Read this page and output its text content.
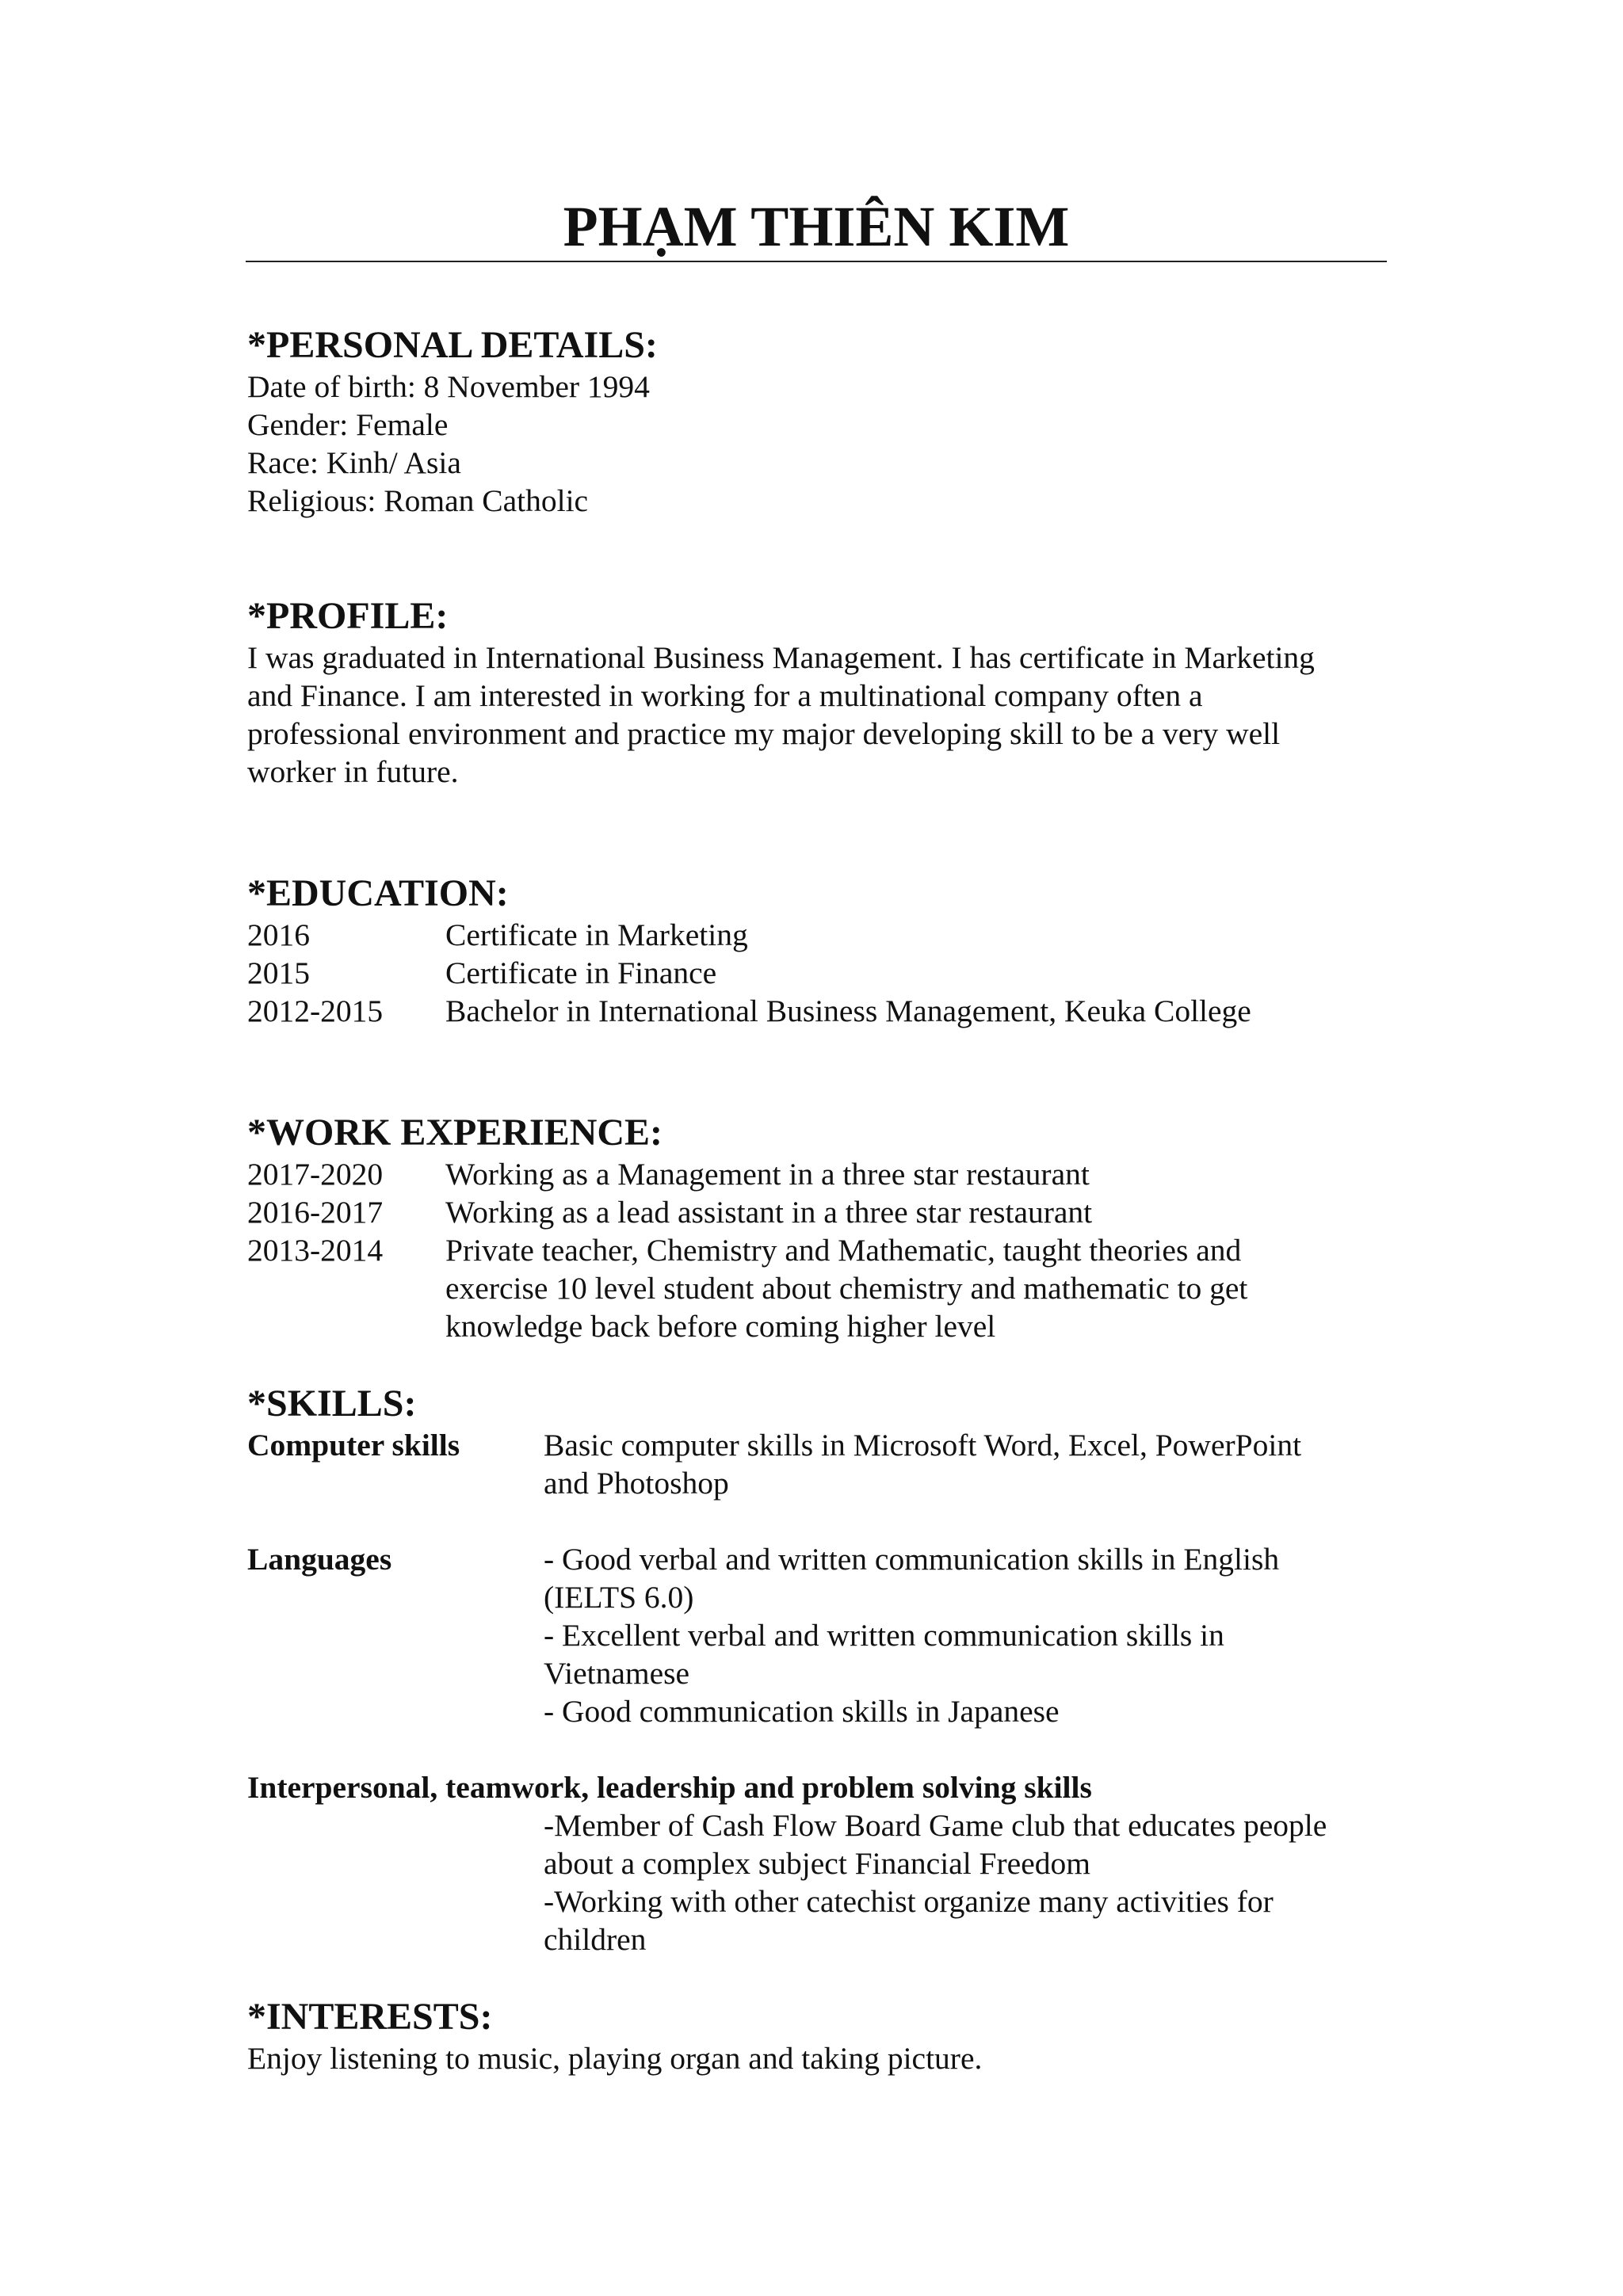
PHẠM THIÊN KIM
*PERSONAL DETAILS:

Date of birth: 8 November 1994

Gender: Female

Race: Kinh/ Asia

Religious: Roman Catholic

*PROFILE:
I was graduated in International Business Management. I has certificate in Marketing
and Finance. I am interested in working for a multinational company often a
professional environment and practice my major developing skill to be a very well
worker in future.
*EDUCATION:
2016	Certificate in Marketing
2015	Certificate in Finance
2012-2015	Bachelor in International Business Management, Keuka College
*WORK EXPERIENCE:
2017-2020	Working as a Management in a three star restaurant
2016-2017	Working as a lead assistant in a three star restaurant
2013-2014	Private teacher, Chemistry and Mathematic, taught theories and
exercise 10 level student about chemistry and mathematic to get
knowledge back before coming higher level
*SKILLS:
Computer skills	Basic computer skills in Microsoft Word, Excel, PowerPoint
and Photoshop
Languages	- Good verbal and written communication skills in English
(IELTS 6.0)
- Excellent verbal and written communication skills in
Vietnamese
- Good communication skills in Japanese
Interpersonal, teamwork, leadership and problem solving skills
-Member of Cash Flow Board Game club that educates people
about a complex subject Financial Freedom
-Working with other catechist organize many activities for
children
*INTERESTS:

Enjoy listening to music, playing organ and taking picture.
